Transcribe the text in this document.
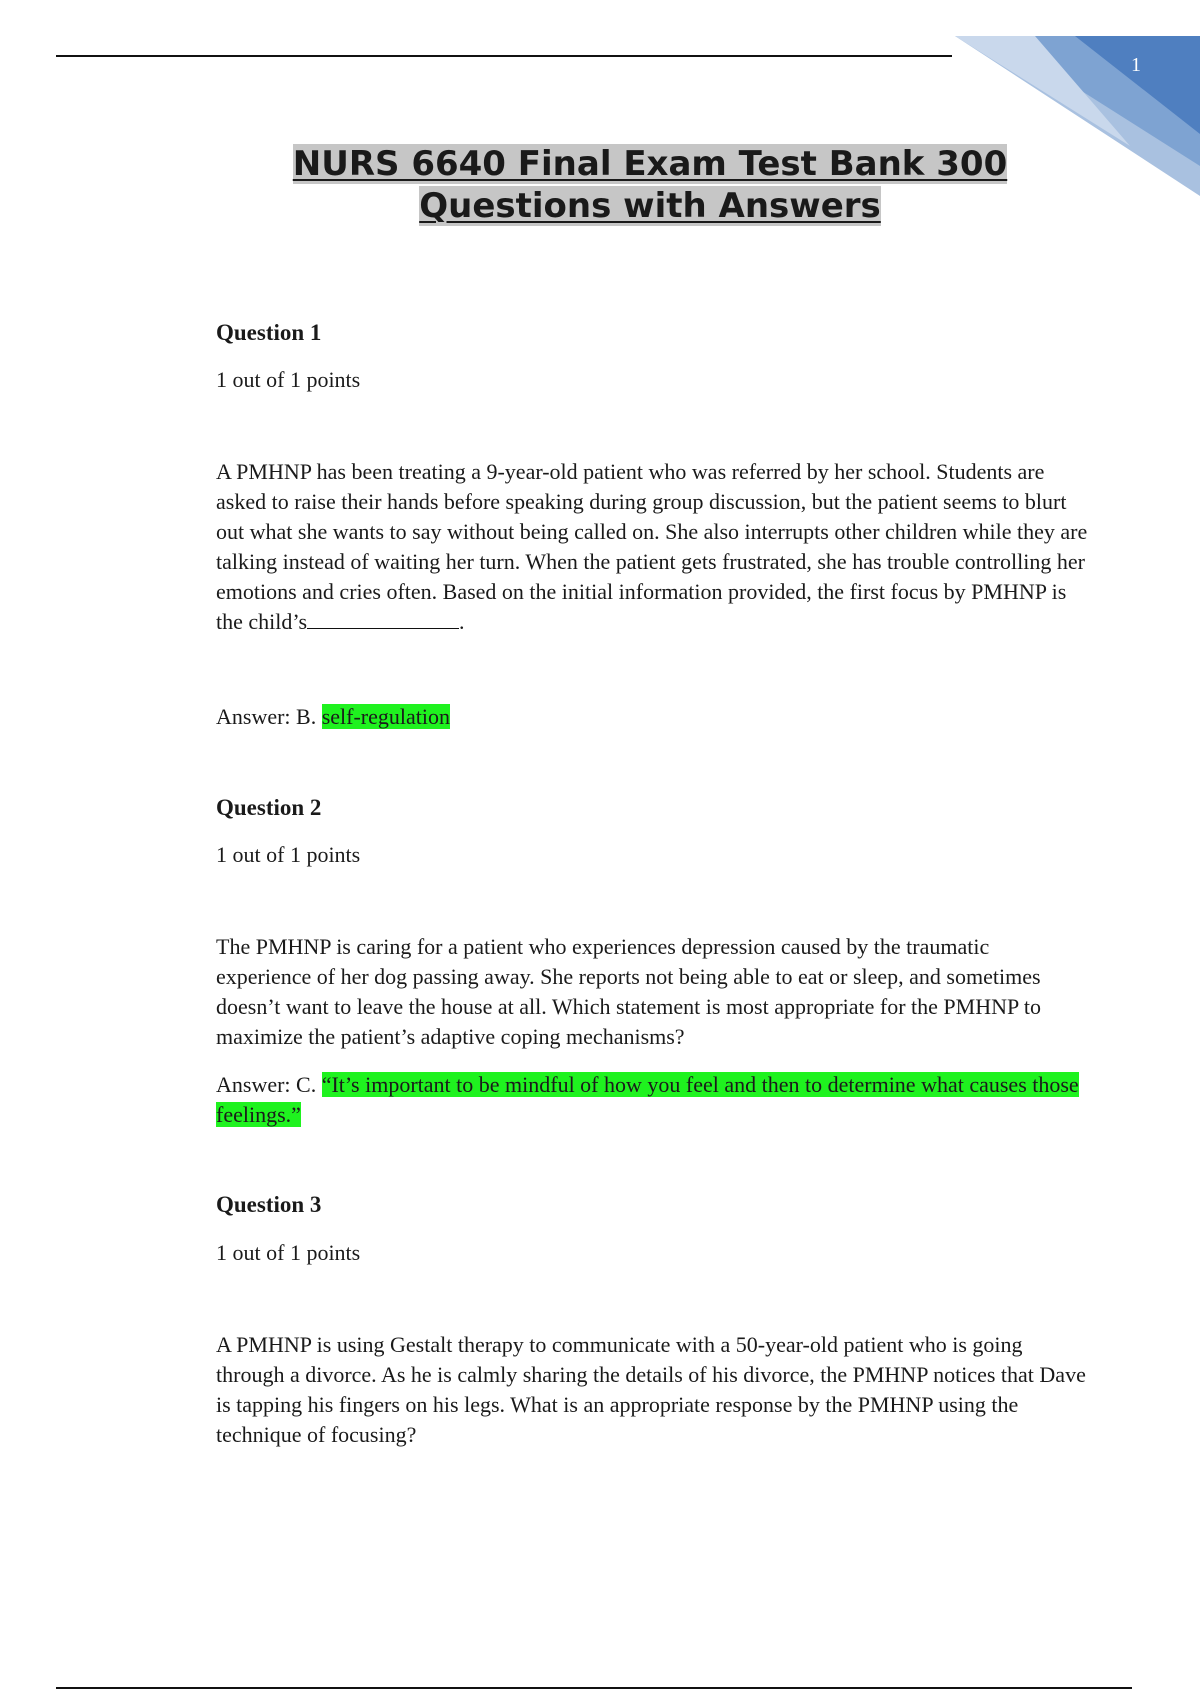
1
NURS 6640 Final Exam Test Bank 300
Questions with Answers
Question 1
1 out of 1 points

A PMHNP has been treating a 9-year-old patient who was referred by her school. Students are asked to raise their hands before speaking during group discussion, but the patient seems to blurt out what she wants to say without being called on. She also interrupts other children while they are talking instead of waiting her turn. When the patient gets frustrated, she has trouble controlling her emotions and cries often. Based on the initial information provided, the first focus by PMHNP is the child’s	.

Answer: B. self-regulation
Question 2
1 out of 1 points

The PMHNP is caring for a patient who experiences depression caused by the traumatic experience of her dog passing away. She reports not being able to eat or sleep, and sometimes doesn’t want to leave the house at all. Which statement is most appropriate for the PMHNP to maximize the patient’s adaptive coping mechanisms?

Answer: C. “It’s important to be mindful of how you feel and then to determine what causes those feelings.”
Question 3
1 out of 1 points

A PMHNP is using Gestalt therapy to communicate with a 50-year-old patient who is going through a divorce. As he is calmly sharing the details of his divorce, the PMHNP notices that Dave is tapping his fingers on his legs. What is an appropriate response by the PMHNP using the technique of focusing?
